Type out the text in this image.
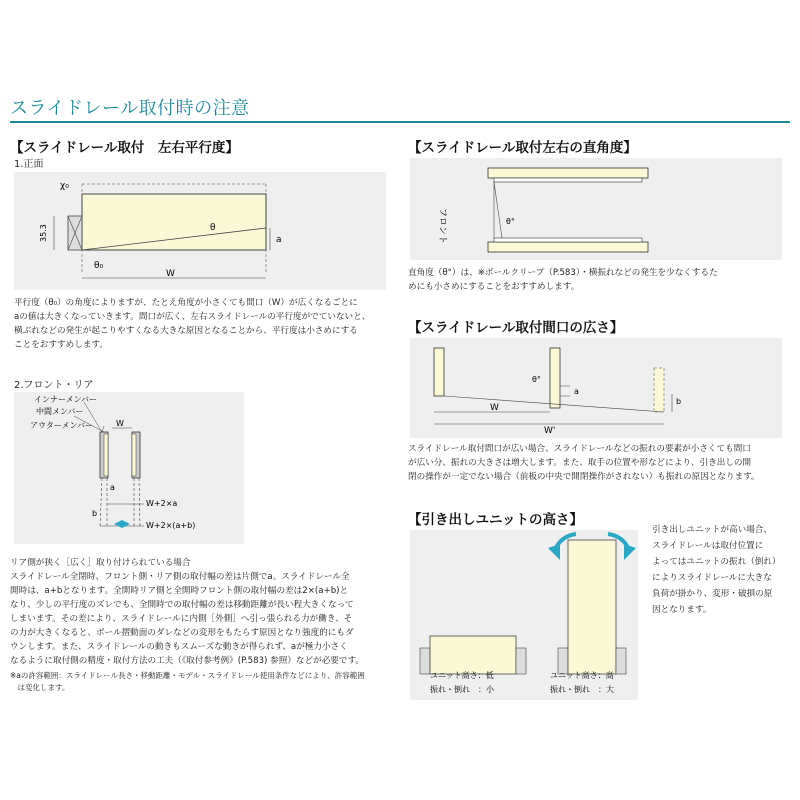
スライドレール取付時の注意
【スライドレール取付　左右平行度】
1.正面
χ₀
35.3	θ
θ₀
a
W
平行度（θ₀）の角度によりますが、たとえ角度が小さくても間口（W）が広くなるごとに
aの値は大きくなっていきます。間口が広く、左右スライドレールの平行度がでていないと、
横ぶれなどの発生が起こりやすくなる大きな原因となることから、平行度は小さめにする
ことをおすすめします。
2.フロント・リア
インナーメンバー
中間メンバー
アウターメンバー	W
a
W+2×a
b
W+2×(a+b)
リア側が狭く［広く］取り付けられている場合
スライドレール全閉時、フロント側・リア側の取付幅の差は片側でa。スライドレール全
開時は、a+bとなります。全開時リア側と全開時フロント側の取付幅の差は2×(a+b)と
なり、少しの平行度のズレでも、全開時での取付幅の差は移動距離が長い程大きくなって
しまいます。その差により、スライドレールに内側［外側］へ引っ張られる力が働き、そ
の力が大きくなると、ボール摺動面のダレなどの変形をもたらす原因となり強度的にもダ
ウンします。また、スライドレールの動きもスムーズな動きが得られず、aが極力小さく
なるように取付側の精度・取付方法の工夫（《取付参考例》(P.583) 参照）などが必要です。
※aの許容範囲：スライドレール長さ・移動距離・モデル・スライドレール使用条件などにより、許容範囲
　は変化します。
【スライドレール取付左右の直角度】
フロント	θ°
直角度（θ°）は、※ボールクリープ（P.583）・横振れなどの発生を少なくするた
めにも小さめにすることをおすすめします。
【スライドレール取付間口の広さ】
θ°
a
b
W
W'
スライドレール取付間口が広い場合、スライドレールなどの振れの要素が小さくても間口
が広い分、振れの大きさは増大します。また、取手の位置や形などにより、引き出しの開
閉の操作が一定でない場合（前板の中央で開閉操作がされない）も振れの原因となります。
【引き出しユニットの高さ】
ユニット高さ：低
振れ・倒れ　：小
ユニット高さ：高
振れ・倒れ　：大
引き出しユニットが高い場合、
スライドレールは取付位置に
よってはユニットの振れ（倒れ）
によりスライドレールに大きな
負荷が掛かり、変形・破損の原
因となります。
